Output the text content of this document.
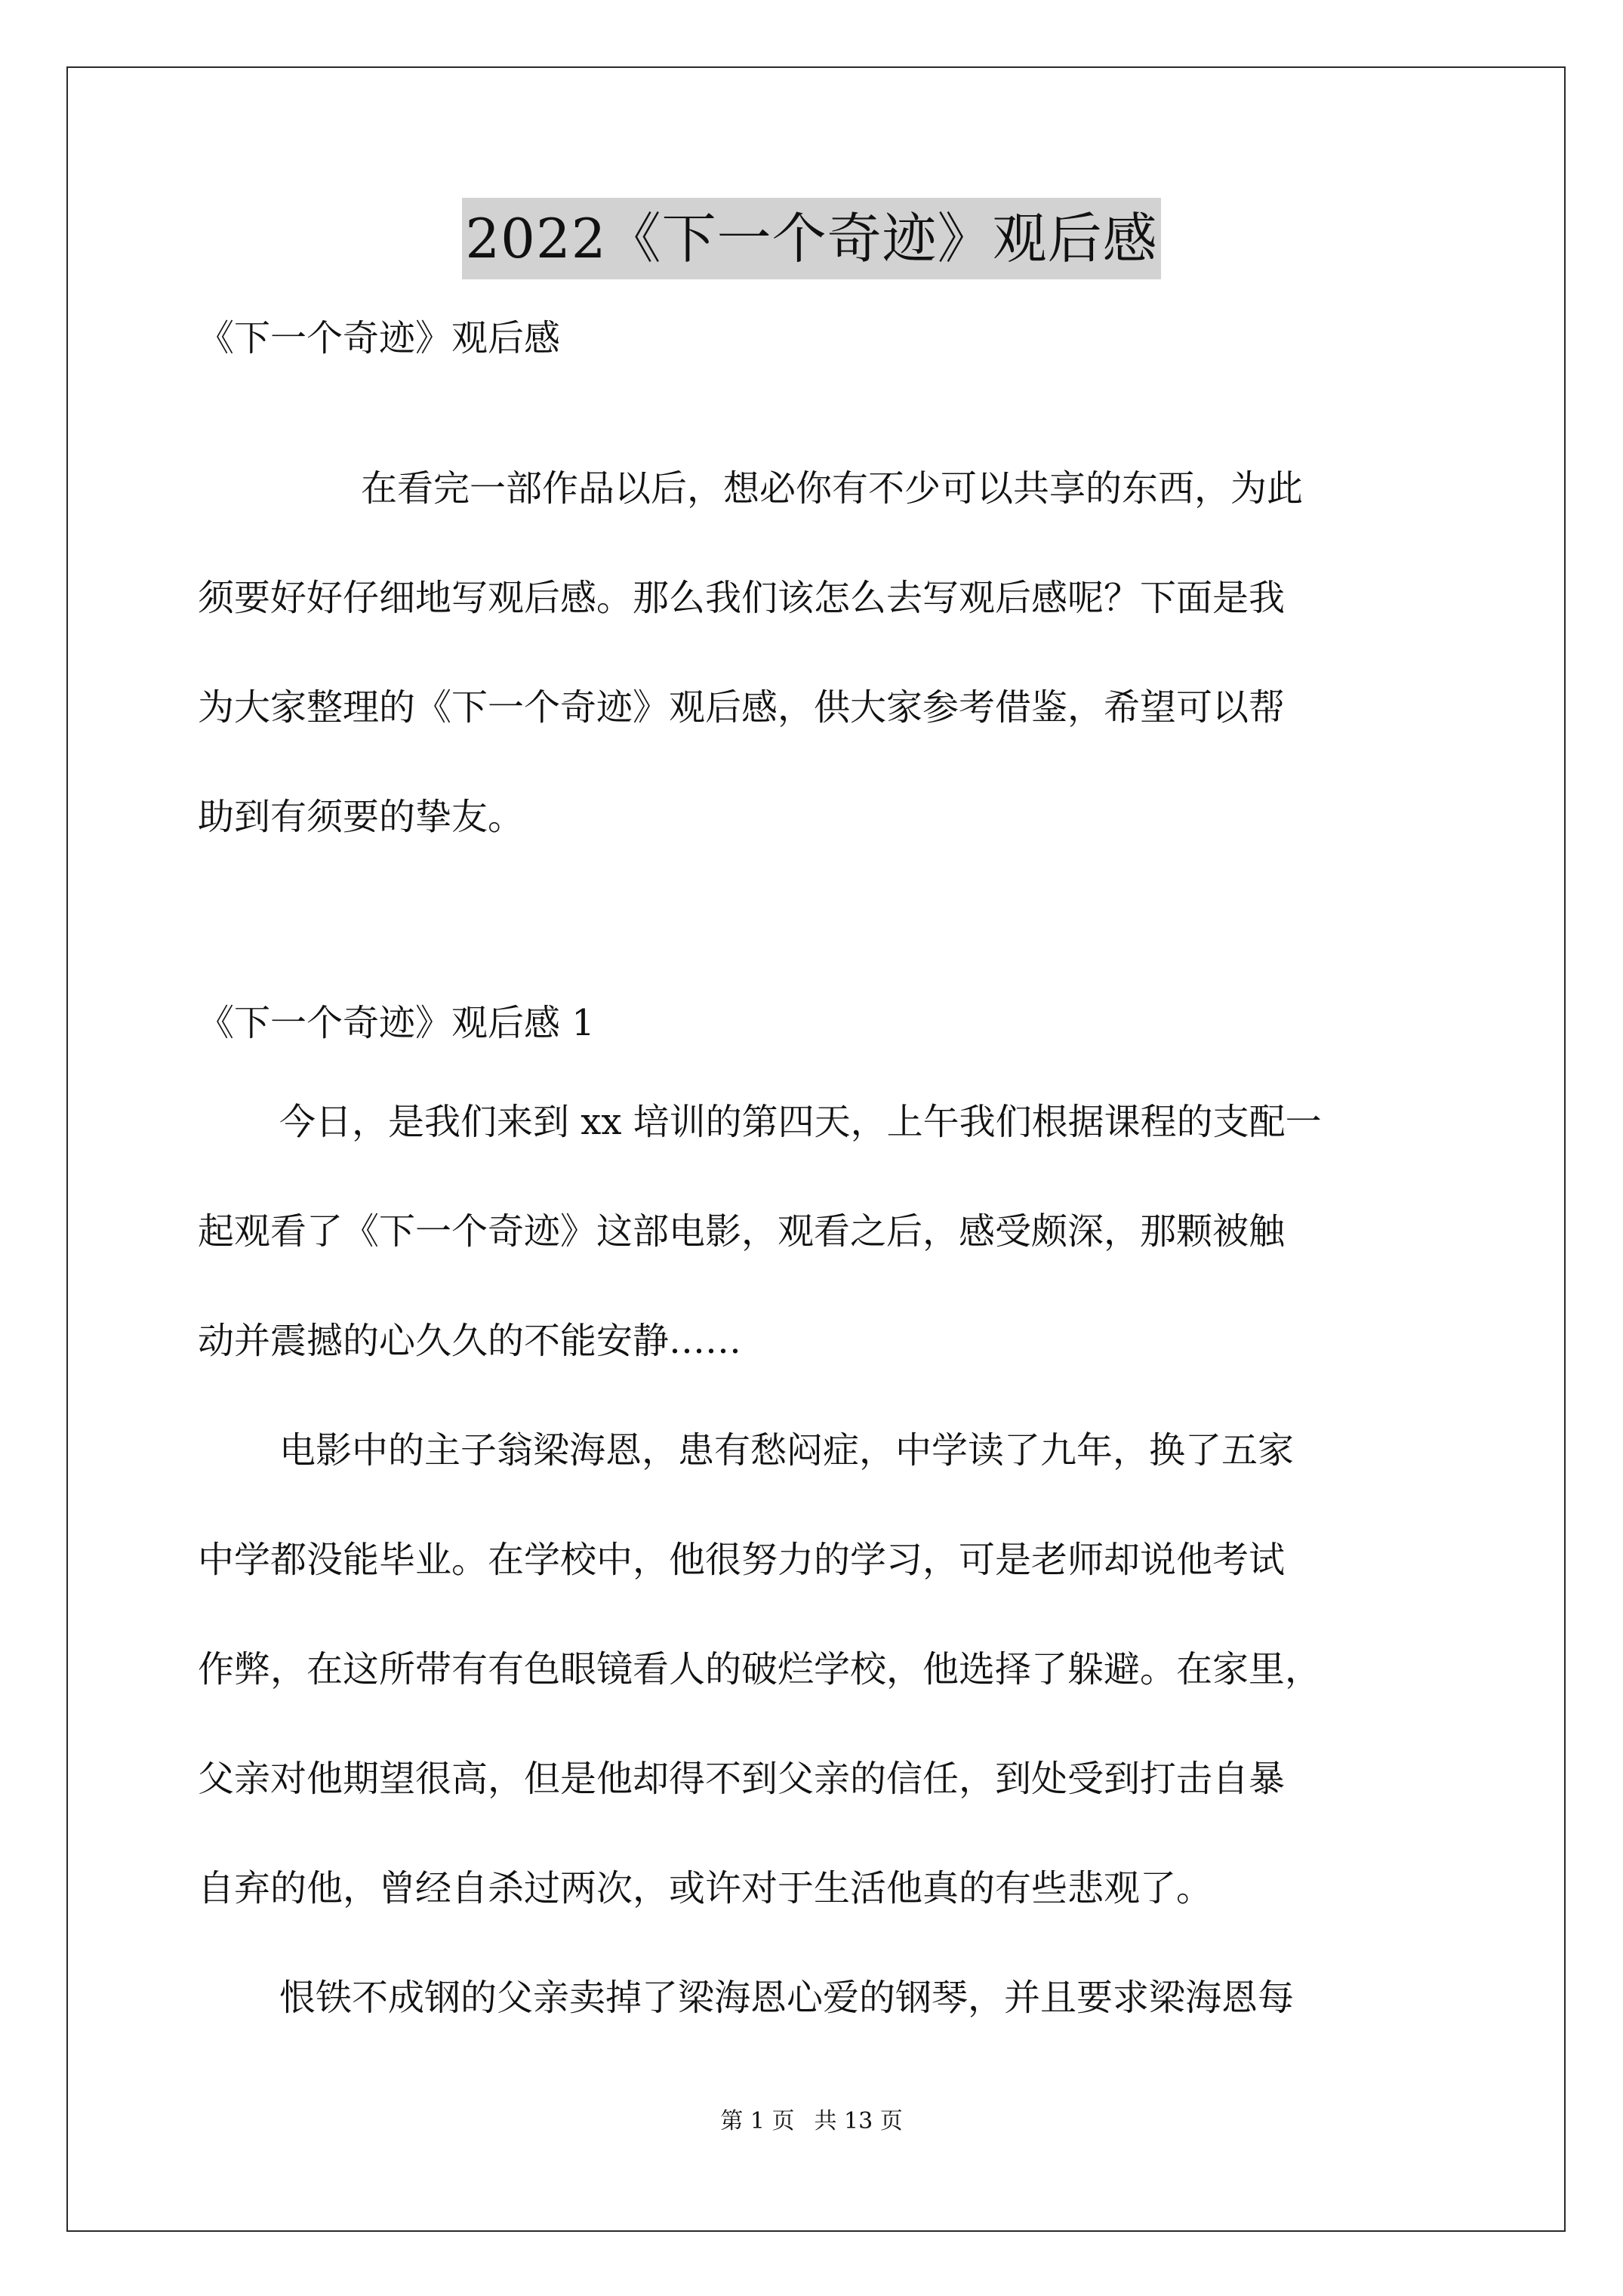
2022《下一个奇迹》观后感
《下一个奇迹》观后感
在看完一部作品以后，想必你有不少可以共享的东西，为此
须要好好仔细地写观后感。那么我们该怎么去写观后感呢？下面是我
为大家整理的《下一个奇迹》观后感，供大家参考借鉴，希望可以帮
助到有须要的挚友。
《下一个奇迹》观后感 1
今日，是我们来到 xx 培训的第四天，上午我们根据课程的支配一
起观看了《下一个奇迹》这部电影，观看之后，感受颇深，那颗被触
动并震撼的心久久的不能安静……
电影中的主子翁梁海恩，患有愁闷症，中学读了九年，换了五家
中学都没能毕业。在学校中，他很努力的学习，可是老师却说他考试
作弊，在这所带有有色眼镜看人的破烂学校，他选择了躲避。在家里，
父亲对他期望很高，但是他却得不到父亲的信任，到处受到打击自暴
自弃的他，曾经自杀过两次，或许对于生活他真的有些悲观了。
恨铁不成钢的父亲卖掉了梁海恩心爱的钢琴，并且要求梁海恩每
第 1 页 共 13 页
